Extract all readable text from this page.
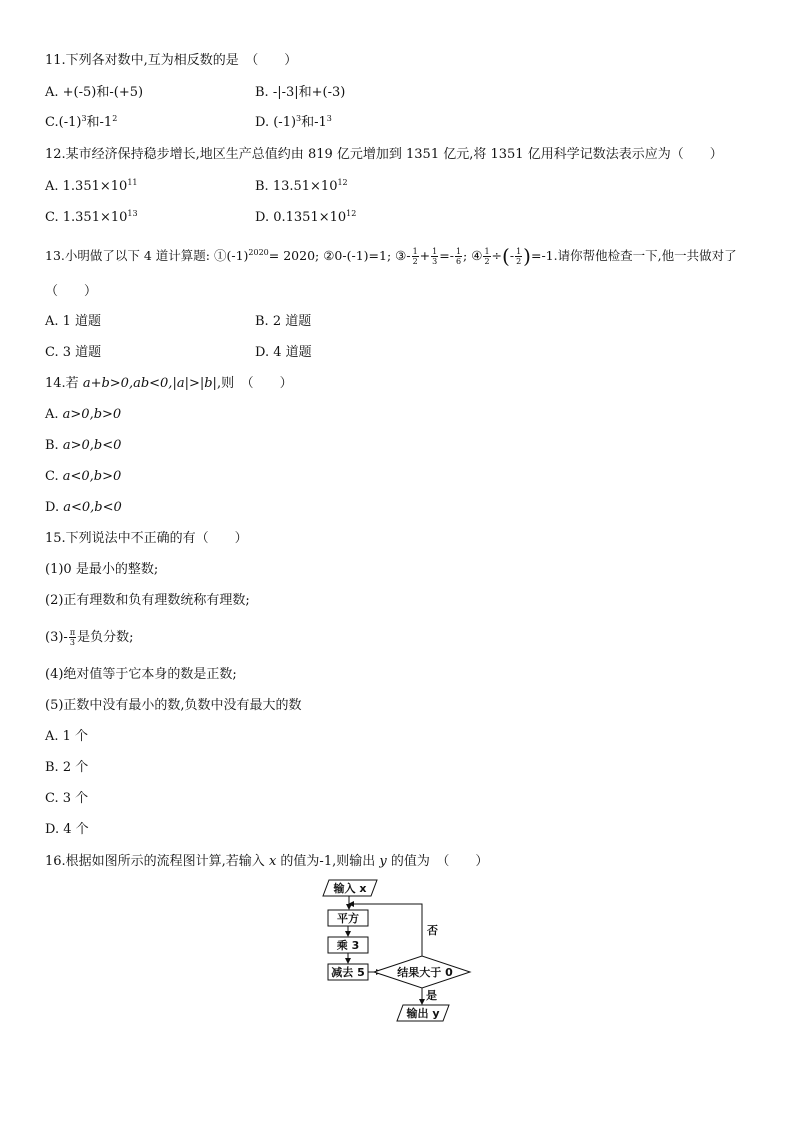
11.下列各对数中,互为相反数的是　（　　）
A. +(-5)和-(+5)	B. -|-3|和+(-3)
$C.(-1)^3$和$-1^2$	D. $(-1)^3$和$-1^3$
12.某市经济保持稳步增长,地区生产总值约由 819 亿元增加到 1351 亿元,将 1351 亿用科学记数法表示应为（　　）
A. $1.351\times 10^{11}$	B. $13.51\times 10^{12}$
C. $1.351\times 10^{13}$	D. $0.1351\times 10^{12}$
13.小明做了以下 4 道计算题: $①(-1)^{2020}= 2020$; ②0-(-1)=1; ③- $\frac{1}{2} + \frac{1}{3} =- \frac{1}{6}$ ; ④ $\frac{1}{2}$ ÷(- $\frac{1}{2} )=-1$.请你帮他检查一下,他一共做对了
（　　）
A. 1 道题	B. 2 道题
C. 3 道题	D. 4 道题
14.若 a+b>0,ab<0,|a|>|b|,则　（　　）
A. a>0,b>0
B. a>0,b<0
C. a<0,b>0
D. a<0,b<0
15.下列说法中不正确的有（　　）
(1)0 是最小的整数;
(2)正有理数和负有理数统称有理数;
$(3)- \frac{\pi}{3}$ 是负分数;
(4)绝对值等于它本身的数是正数;
(5)正数中没有最小的数,负数中没有最大的数
A. 1 个
B. 2 个
C. 3 个
D. 4 个
16.根据如图所示的流程图计算,若输入 x 的值为-1,则输出 y 的值为　（　　）
输入 x
平方
乘 3
减去 5	结果大于 0
否
是
输出 y
